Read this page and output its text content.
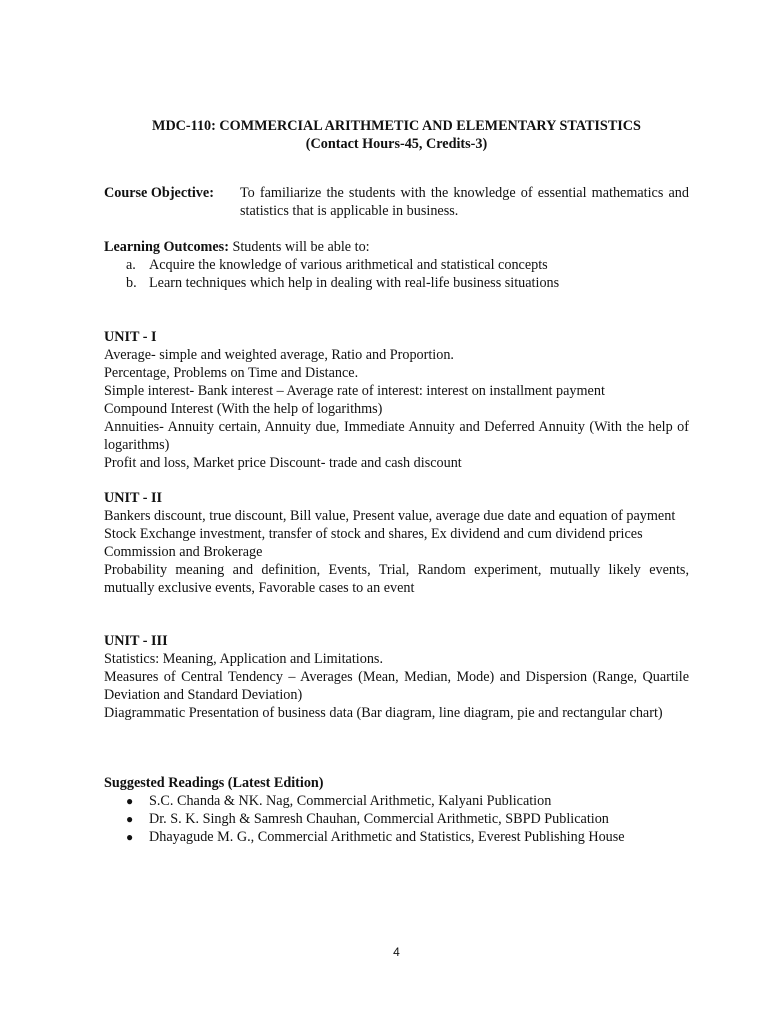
MDC-110: COMMERCIAL ARITHMETIC AND ELEMENTARY STATISTICS
(Contact Hours-45, Credits-3)
Course Objective: To familiarize the students with the knowledge of essential mathematics and statistics that is applicable in business.
Learning Outcomes: Students will be able to:
a. Acquire the knowledge of various arithmetical and statistical concepts
b. Learn techniques which help in dealing with real-life business situations
UNIT - I
Average- simple and weighted average, Ratio and Proportion.
Percentage, Problems on Time and Distance.
Simple interest- Bank interest – Average rate of interest: interest on installment payment
Compound Interest (With the help of logarithms)
Annuities- Annuity certain, Annuity due, Immediate Annuity and Deferred Annuity (With the help of logarithms)
Profit and loss, Market price Discount- trade and cash discount
UNIT - II
Bankers discount, true discount, Bill value, Present value, average due date and equation of payment
Stock Exchange investment, transfer of stock and shares, Ex dividend and cum dividend prices
Commission and Brokerage
Probability meaning and definition, Events, Trial, Random experiment, mutually likely events, mutually exclusive events, Favorable cases to an event
UNIT - III
Statistics: Meaning, Application and Limitations.
Measures of Central Tendency – Averages (Mean, Median, Mode) and Dispersion (Range, Quartile Deviation and Standard Deviation)
Diagrammatic Presentation of business data (Bar diagram, line diagram, pie and rectangular chart)
Suggested Readings (Latest Edition)
● S.C. Chanda & NK. Nag, Commercial Arithmetic, Kalyani Publication
● Dr. S. K. Singh & Samresh Chauhan, Commercial Arithmetic, SBPD Publication
● Dhayagude M. G., Commercial Arithmetic and Statistics, Everest Publishing House
4
